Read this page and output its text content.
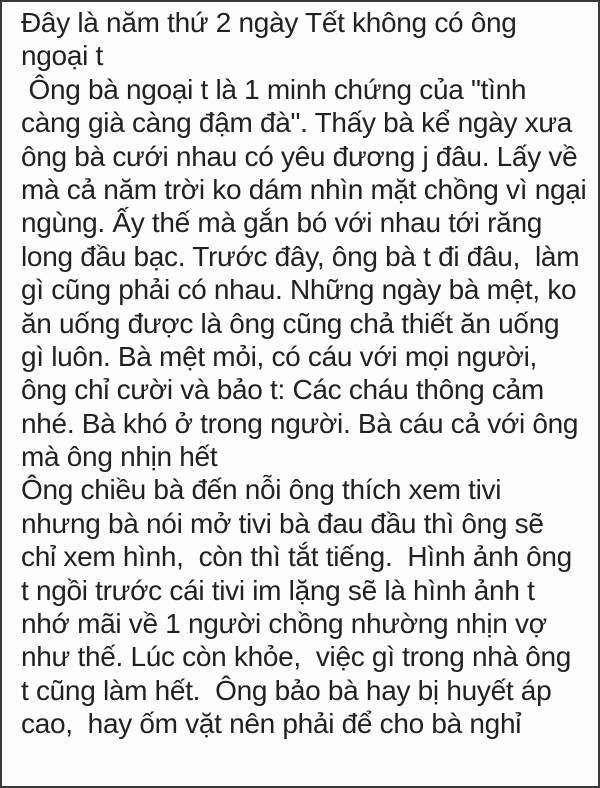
Đây là năm thứ 2 ngày Tết không có ông
ngoại t
Ông bà ngoại t là 1 minh chứng của "tình
càng già càng đậm đà". Thấy bà kể ngày xưa
ông bà cưới nhau có yêu đương j đâu. Lấy về
mà cả năm trời ko dám nhìn mặt chồng vì ngại
ngùng. Ấy thế mà gắn bó với nhau tới răng
long đầu bạc. Trước đây, ông bà t đi đâu,  làm
gì cũng phải có nhau. Những ngày bà mệt, ko
ăn uống được là ông cũng chả thiết ăn uống
gì luôn. Bà mệt mỏi, có cáu với mọi người,
ông chỉ cười và bảo t: Các cháu thông cảm
nhé. Bà khó ở trong người. Bà cáu cả với ông
mà ông nhịn hết
Ông chiều bà đến nỗi ông thích xem tivi
nhưng bà nói mở tivi bà đau đầu thì ông sẽ
chỉ xem hình,  còn thì tắt tiếng.  Hình ảnh ông
t ngồi trước cái tivi im lặng sẽ là hình ảnh t
nhớ mãi về 1 người chồng nhường nhịn vợ
như thế. Lúc còn khỏe,  việc gì trong nhà ông
t cũng làm hết.  Ông bảo bà hay bị huyết áp
cao,  hay ốm vặt nên phải để cho bà nghỉ
